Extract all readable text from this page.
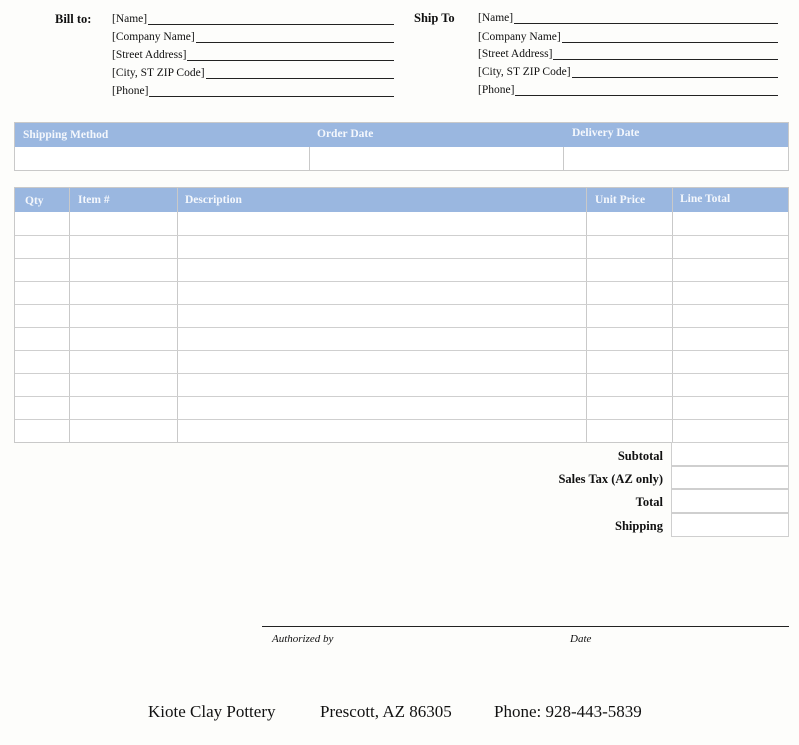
Bill to: [Name]
[Company Name]
[Street Address]
[City, ST ZIP Code]
[Phone]
Ship To [Name]
[Company Name]
[Street Address]
[City, ST ZIP Code]
[Phone]
Shipping Method	Order Date	Delivery Date
Qty	Item #	Description	Unit Price	Line Total
Subtotal
Sales Tax (AZ only)
Total
Shipping
Authorized by	Date
Kiote Clay Pottery	Prescott, AZ 86305 Phone: 928-443-5839
